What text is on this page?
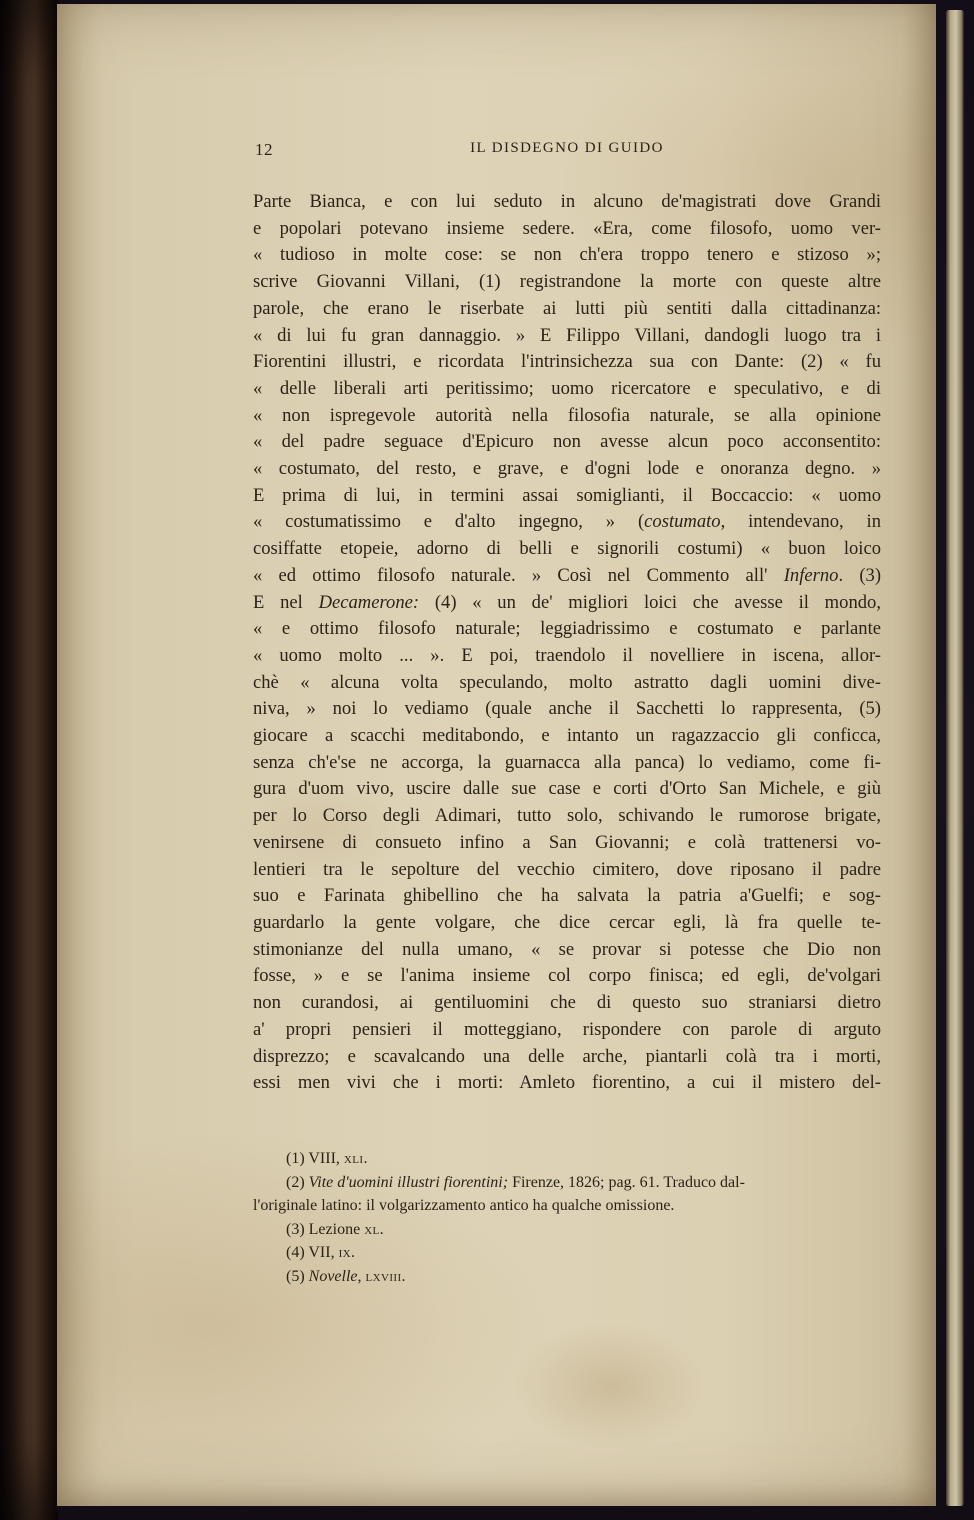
12	IL DISDEGNO DI GUIDO
Parte Bianca, e con lui seduto in alcuno de'magistrati dove Grandi
e popolari potevano insieme sedere. «Era, come filosofo, uomo ver-
« tudioso in molte cose: se non ch'era troppo tenero e stizoso »;
scrive Giovanni Villani, (1) registrandone la morte con queste altre
parole, che erano le riserbate ai lutti più sentiti dalla cittadinanza:
« di lui fu gran dannaggio. » E Filippo Villani, dandogli luogo tra i
Fiorentini illustri, e ricordata l'intrinsichezza sua con Dante: (2) « fu
« delle liberali arti peritissimo; uomo ricercatore e speculativo, e di
« non ispregevole autorità nella filosofia naturale, se alla opinione
« del padre seguace d'Epicuro non avesse alcun poco acconsentito:
« costumato, del resto, e grave, e d'ogni lode e onoranza degno. »
E prima di lui, in termini assai somiglianti, il Boccaccio: « uomo
« costumatissimo e d'alto ingegno, » (costumato, intendevano, in
cosiffatte etopeie, adorno di belli e signorili costumi) « buon loico
« ed ottimo filosofo naturale. » Così nel Commento all' Inferno. (3)
E nel Decamerone: (4) « un de' migliori loici che avesse il mondo,
« e ottimo filosofo naturale; leggiadrissimo e costumato e parlante
« uomo molto ... ». E poi, traendolo il novelliere in iscena, allor-
chè « alcuna volta speculando, molto astratto dagli uomini dive-
niva, » noi lo vediamo (quale anche il Sacchetti lo rappresenta, (5)
giocare a scacchi meditabondo, e intanto un ragazzaccio gli conficca,
senza ch'e'se ne accorga, la guarnacca alla panca) lo vediamo, come fi-
gura d'uom vivo, uscire dalle sue case e corti d'Orto San Michele, e giù
per lo Corso degli Adimari, tutto solo, schivando le rumorose brigate,
venirsene di consueto infino a San Giovanni; e colà trattenersi vo-
lentieri tra le sepolture del vecchio cimitero, dove riposano il padre
suo e Farinata ghibellino che ha salvata la patria a'Guelfi; e sog-
guardarlo la gente volgare, che dice cercar egli, là fra quelle te-
stimonianze del nulla umano, « se provar si potesse che Dio non
fosse, » e se l'anima insieme col corpo finisca; ed egli, de'volgari
non curandosi, ai gentiluomini che di questo suo straniarsi dietro
a' propri pensieri il motteggiano, rispondere con parole di arguto
disprezzo; e scavalcando una delle arche, piantarli colà tra i morti,
essi men vivi che i morti: Amleto fiorentino, a cui il mistero del-
(1) VIII, xli.
(2) Vite d'uomini illustri fiorentini; Firenze, 1826; pag. 61. Traduco dal-
l'originale latino: il volgarizzamento antico ha qualche omissione.
(3) Lezione xl.
(4) VII, ix.
(5) Novelle, lxviii.
